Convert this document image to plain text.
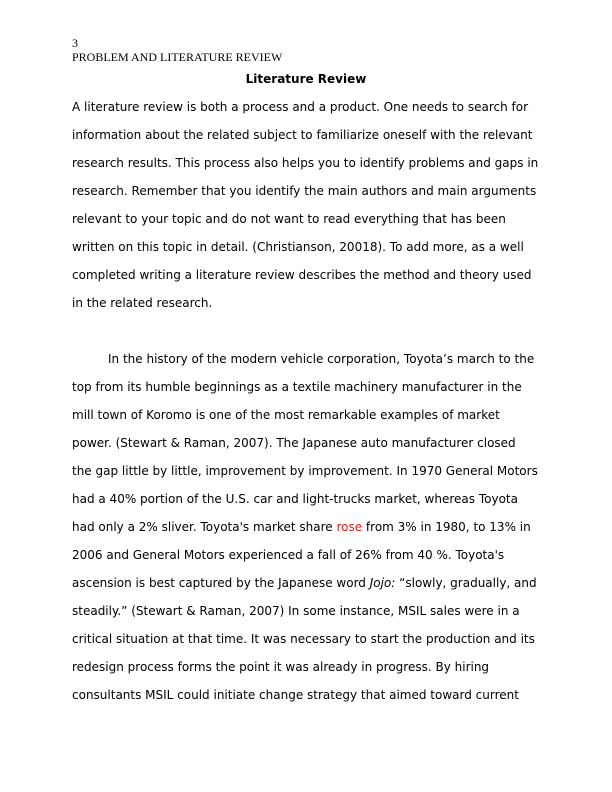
3
PROBLEM AND LITERATURE REVIEW
Literature Review
A literature review is both a process and a product. One needs to search for
information about the related subject to familiarize oneself with the relevant
research results. This process also helps you to identify problems and gaps in
research. Remember that you identify the main authors and main arguments
relevant to your topic and do not want to read everything that has been
written on this topic in detail. (Christianson, 20018). To add more, as a well
completed writing a literature review describes the method and theory used
in the related research.
In the history of the modern vehicle corporation, Toyota’s march to the
top from its humble beginnings as a textile machinery manufacturer in the
mill town of Koromo is one of the most remarkable examples of market
power. (Stewart & Raman, 2007). The Japanese auto manufacturer closed
the gap little by little, improvement by improvement. In 1970 General Motors
had a 40% portion of the U.S. car and light-trucks market, whereas Toyota
had only a 2% sliver. Toyota's market share rose from 3% in 1980, to 13% in
2006 and General Motors experienced a fall of 26% from 40 %. Toyota's
ascension is best captured by the Japanese word Jojo: “slowly, gradually, and
steadily.” (Stewart & Raman, 2007) In some instance, MSIL sales were in a
critical situation at that time. It was necessary to start the production and its
redesign process forms the point it was already in progress. By hiring
consultants MSIL could initiate change strategy that aimed toward current
